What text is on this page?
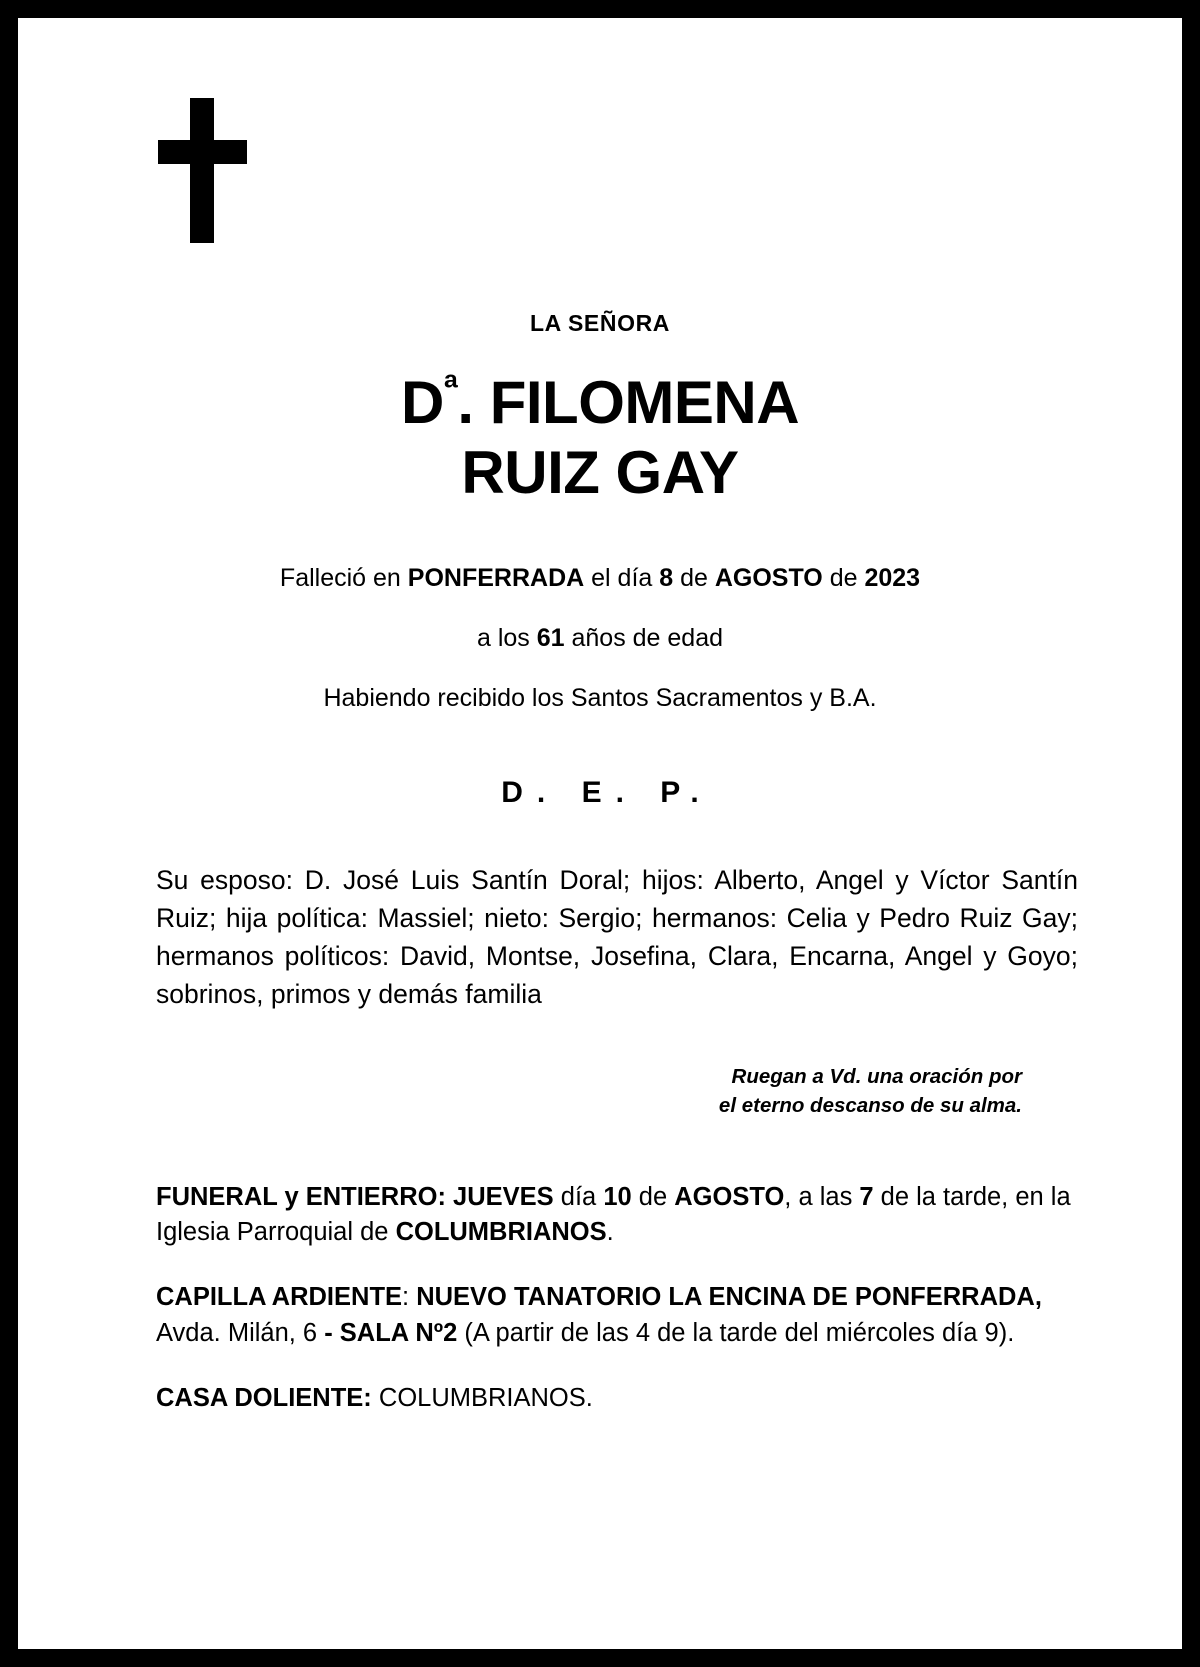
LA SEÑORA
$D^ª$. FILOMENA
RUIZ GAY
Falleció en PONFERRADA el día 8 de AGOSTO de 2023
a los 61 años de edad
Habiendo recibido los Santos Sacramentos y B.A.
D. E. P.
Su esposo: D. José Luis Santín Doral; hijos: Alberto, Angel y Víctor Santín Ruiz; hija política: Massiel; nieto: Sergio; hermanos: Celia y Pedro Ruiz Gay; hermanos políticos: David, Montse, Josefina, Clara, Encarna, Angel y Goyo; sobrinos, primos y demás familia
Ruegan a Vd. una oración por
el eterno descanso de su alma.
FUNERAL y ENTIERRO: JUEVES día 10 de AGOSTO, a las 7 de la tarde, en la Iglesia Parroquial de COLUMBRIANOS.
CAPILLA ARDIENTE: NUEVO TANATORIO LA ENCINA DE PONFERRADA, Avda. Milán, 6 - SALA Nº2 (A partir de las 4 de la tarde del miércoles día 9).
CASA DOLIENTE: COLUMBRIANOS.
